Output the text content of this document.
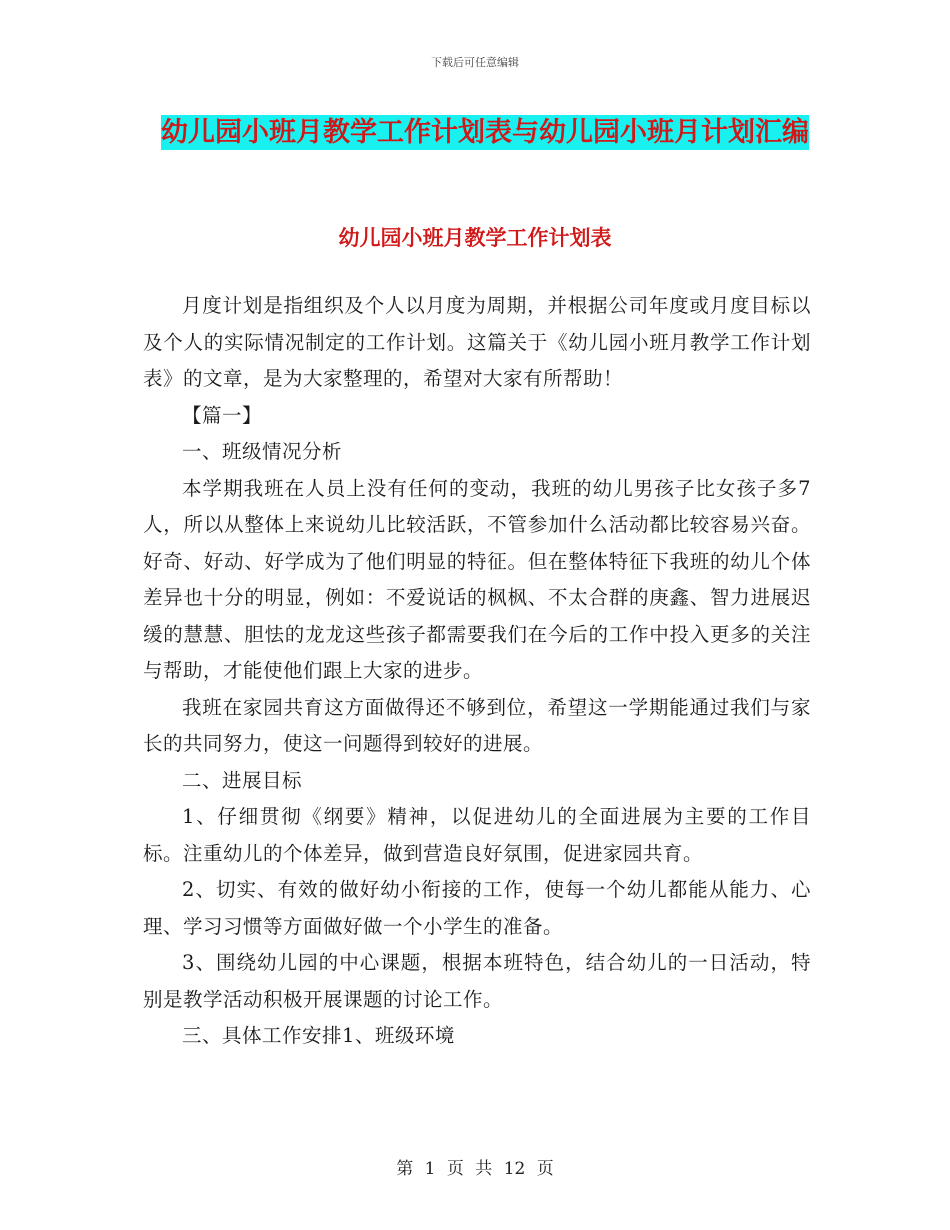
下载后可任意编辑
幼儿园小班月教学工作计划表与幼儿园小班月计划汇编
幼儿园小班月教学工作计划表

月度计划是指组织及个人以月度为周期，并根据公司年度或月度目标以及个人的实际情况制定的工作计划。这篇关于《幼儿园小班月教学工作计划表》的文章，是为大家整理的，希望对大家有所帮助！

【篇一】

一、班级情况分析

本学期我班在人员上没有任何的变动，我班的幼儿男孩子比女孩子多7人，所以从整体上来说幼儿比较活跃，不管参加什么活动都比较容易兴奋。好奇、好动、好学成为了他们明显的特征。但在整体特征下我班的幼儿个体差异也十分的明显，例如：不爱说话的枫枫、不太合群的庚鑫、智力进展迟缓的慧慧、胆怯的龙龙这些孩子都需要我们在今后的工作中投入更多的关注与帮助，才能使他们跟上大家的进步。

我班在家园共育这方面做得还不够到位，希望这一学期能通过我们与家长的共同努力，使这一问题得到较好的进展。

二、进展目标

1、仔细贯彻《纲要》精神，以促进幼儿的全面进展为主要的工作目标。注重幼儿的个体差异，做到营造良好氛围，促进家园共育。

2、切实、有效的做好幼小衔接的工作，使每一个幼儿都能从能力、心理、学习习惯等方面做好做一个小学生的准备。

3、围绕幼儿园的中心课题，根据本班特色，结合幼儿的一日活动，特别是教学活动积极开展课题的讨论工作。

三、具体工作安排1、班级环境

第 1 页 共 12 页
